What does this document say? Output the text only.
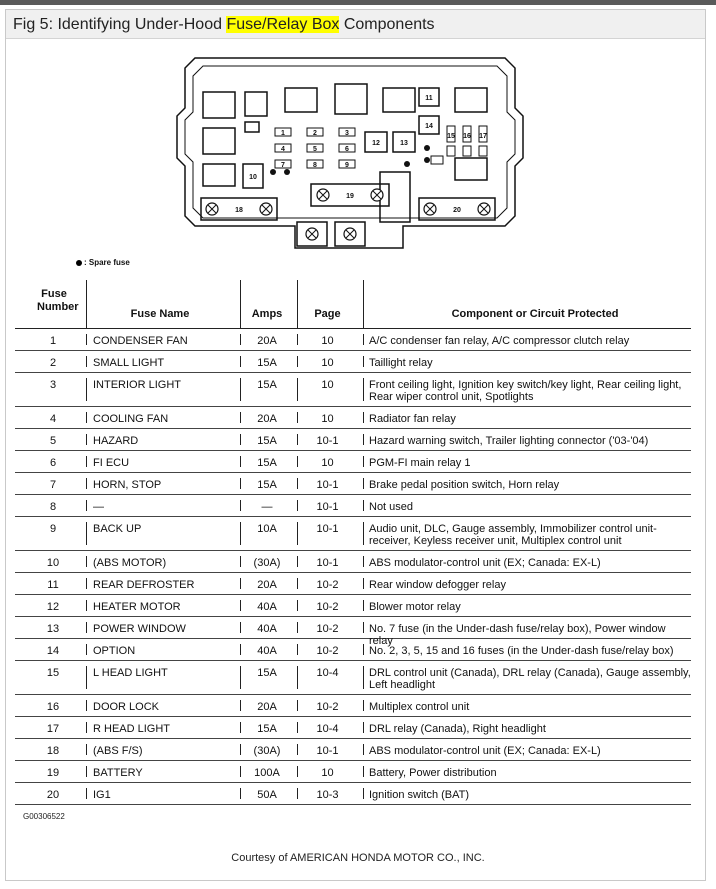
Fig 5: Identifying Under-Hood Fuse/Relay Box Components
1	2	3
4	5	6
7	8	9
10
11
12	13
14
15 16 17
18
19
20
: Spare fuse
Fuse Number
Fuse Name	Amps	Page	Component or Circuit Protected
1	CONDENSER FAN	20A	10	A/C condenser fan relay, A/C compressor clutch relay
2	SMALL LIGHT	15A	10	Taillight relay
3	INTERIOR LIGHT	15A	10	Front ceiling light, Ignition key switch/key light, Rear ceiling light, Rear wiper control unit, Spotlights
4	COOLING FAN	20A	10	Radiator fan relay
5	HAZARD	15A	10-1	Hazard warning switch, Trailer lighting connector ('03-'04)
6	FI ECU	15A	10	PGM-FI main relay 1
7	HORN, STOP	15A	10-1	Brake pedal position switch, Horn relay
8	—	—	10-1	Not used
9	BACK UP	10A	10-1	Audio unit, DLC, Gauge assembly, Immobilizer control unit-receiver, Keyless receiver unit, Multiplex control unit
10	(ABS MOTOR)	(30A)	10-1	ABS modulator-control unit (EX; Canada: EX-L)
11	REAR DEFROSTER	20A	10-2	Rear window defogger relay
12	HEATER MOTOR	40A	10-2	Blower motor relay
13	POWER WINDOW	40A	10-2	No. 7 fuse (in the Under-dash fuse/relay box), Power window relay
14	OPTION	40A	10-2	No. 2, 3, 5, 15 and 16 fuses (in the Under-dash fuse/relay box)
15	L HEAD LIGHT	15A	10-4	DRL control unit (Canada), DRL relay (Canada), Gauge assembly, Left headlight
16	DOOR LOCK	20A	10-2	Multiplex control unit
17	R HEAD LIGHT	15A	10-4	DRL relay (Canada), Right headlight
18	(ABS F/S)	(30A)	10-1	ABS modulator-control unit (EX; Canada: EX-L)
19	BATTERY	100A	10	Battery, Power distribution
20	IG1	50A	10-3	Ignition switch (BAT)
G00306522
Courtesy of AMERICAN HONDA MOTOR CO., INC.
